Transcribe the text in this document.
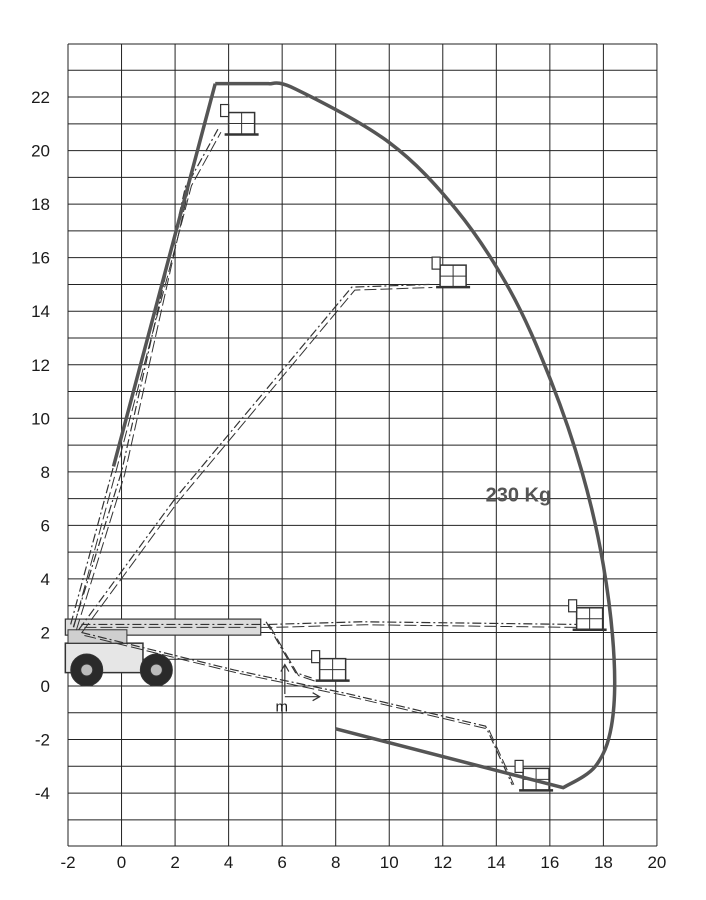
-2 0	2	4	6	8 10 12 14 16 18 20
-4
-2
0
2
4
6
8
10
12
14
16
18
20
22
230 Kg
m
